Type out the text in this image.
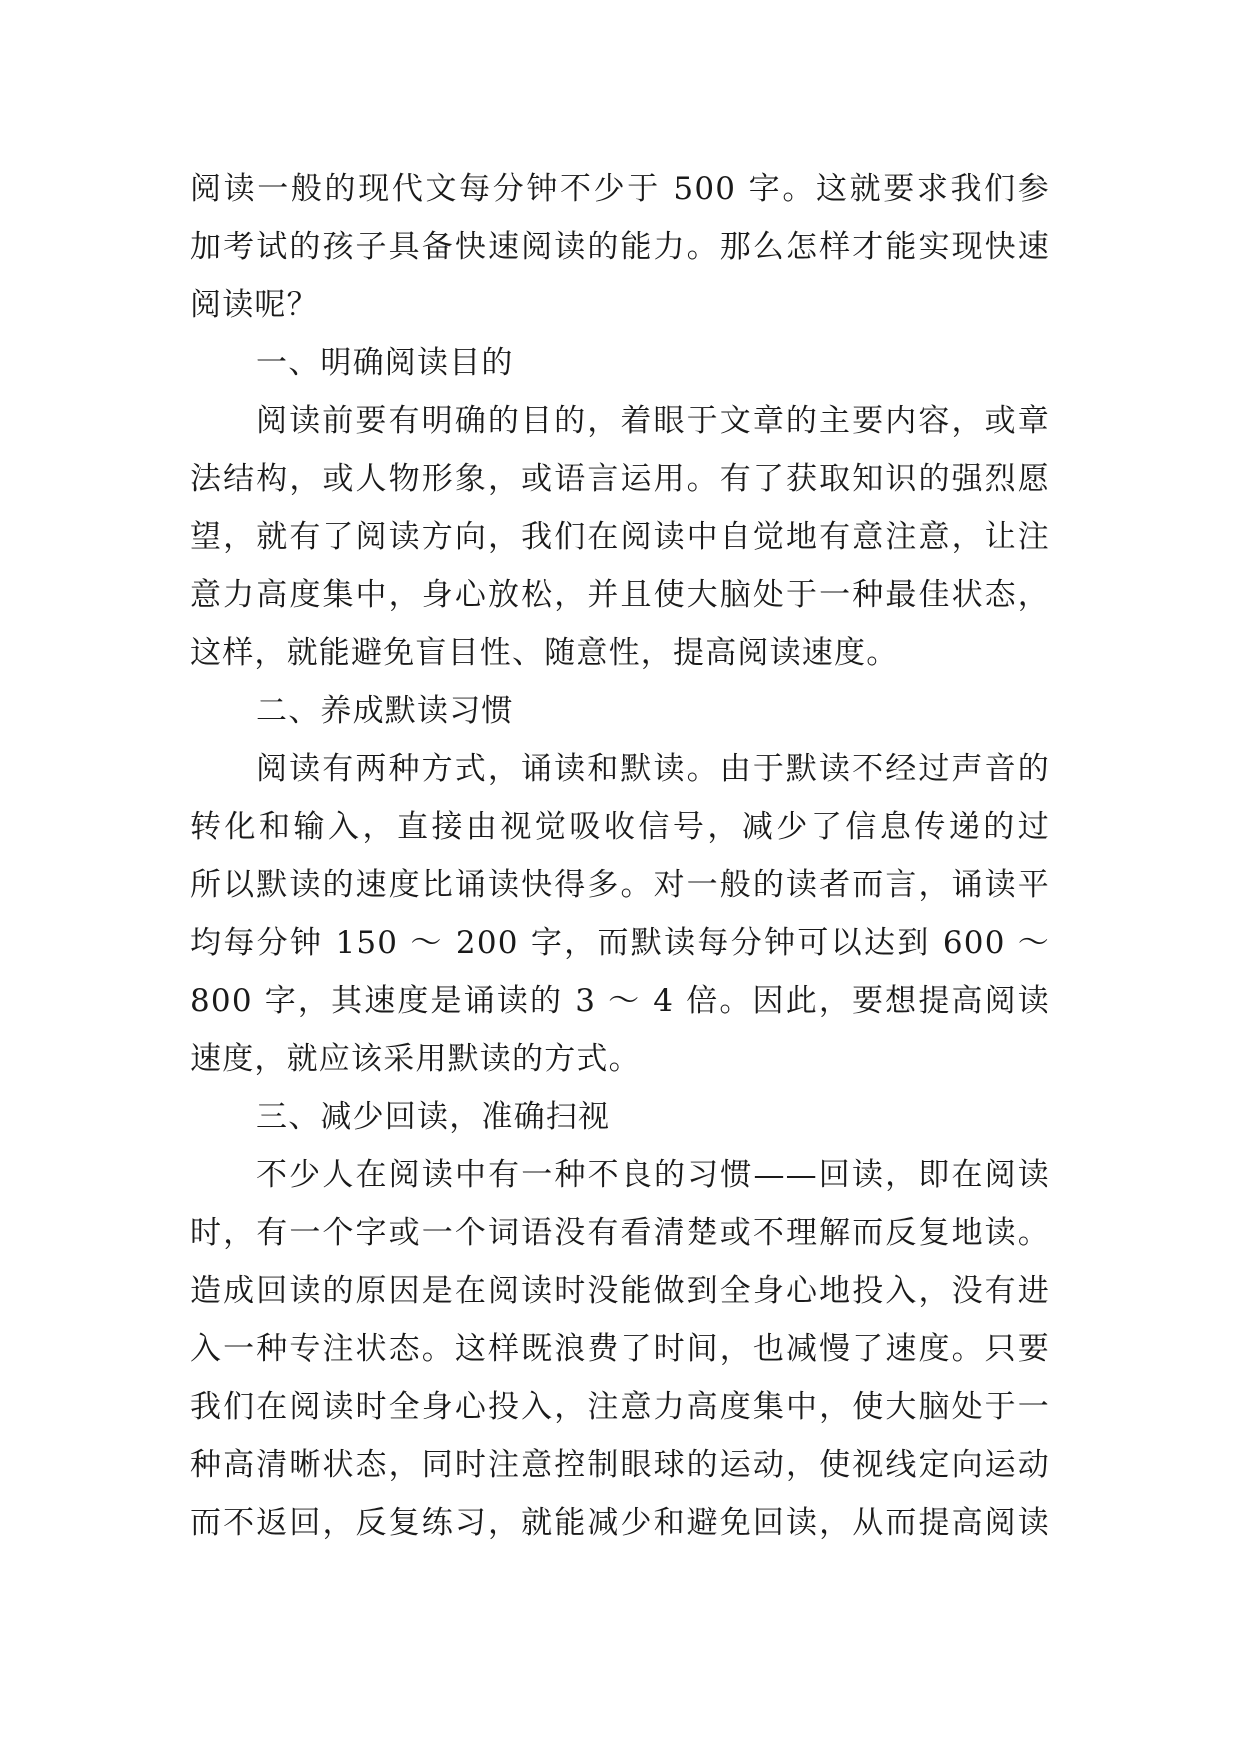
阅读一般的现代文每分钟不少于 500 字。这就要求我们参
加考试的孩子具备快速阅读的能力。那么怎样才能实现快速
阅读呢？
一、明确阅读目的
阅读前要有明确的目的，着眼于文章的主要内容，或章
法结构，或人物形象，或语言运用。有了获取知识的强烈愿
望，就有了阅读方向，我们在阅读中自觉地有意注意，让注
意力高度集中，身心放松，并且使大脑处于一种最佳状态，
这样，就能避免盲目性、随意性，提高阅读速度。
二、养成默读习惯
阅读有两种方式，诵读和默读。由于默读不经过声音的
转化和输入，直接由视觉吸收信号，减少了信息传递的过
所以默读的速度比诵读快得多。对一般的读者而言，诵读平
均每分钟 150 ～ 200 字，而默读每分钟可以达到 600 ～
800 字，其速度是诵读的 3 ～ 4 倍。因此，要想提高阅读
速度，就应该采用默读的方式。
三、减少回读，准确扫视
不少人在阅读中有一种不良的习惯——回读，即在阅读
时，有一个字或一个词语没有看清楚或不理解而反复地读。
造成回读的原因是在阅读时没能做到全身心地投入，没有进
入一种专注状态。这样既浪费了时间，也减慢了速度。只要
我们在阅读时全身心投入，注意力高度集中，使大脑处于一
种高清晰状态，同时注意控制眼球的运动，使视线定向运动
而不返回，反复练习，就能减少和避免回读，从而提高阅读
